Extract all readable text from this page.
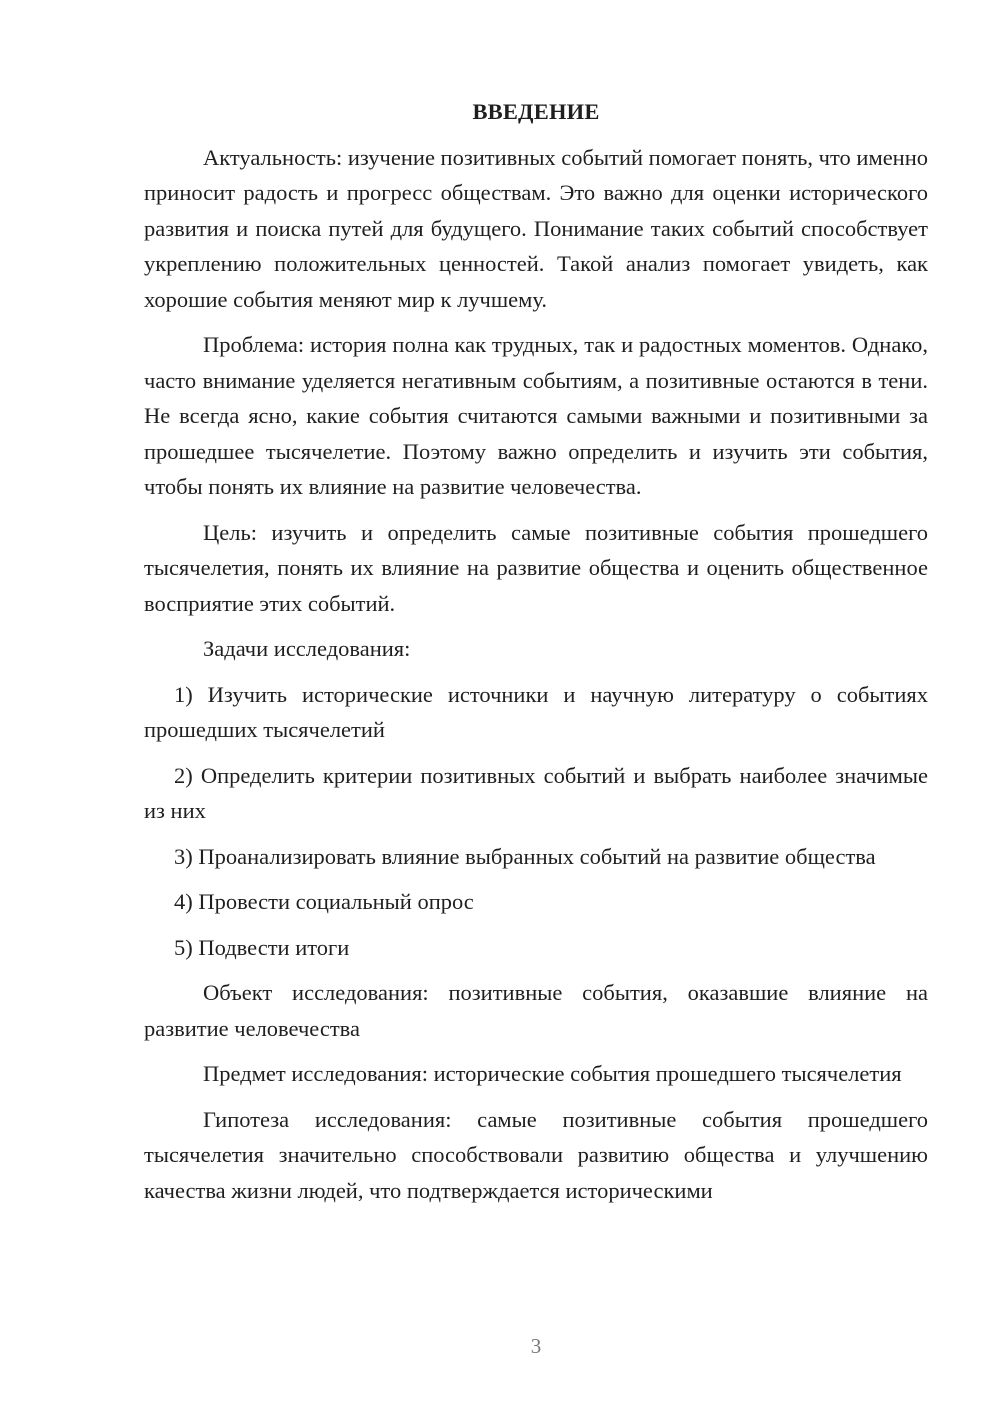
ВВЕДЕНИЕ
Актуальность: изучение позитивных событий помогает понять, что именно приносит радость и прогресс обществам. Это важно для оценки исторического развития и поиска путей для будущего. Понимание таких событий способствует укреплению положительных ценностей. Такой анализ помогает увидеть, как хорошие события меняют мир к лучшему.
Проблема: история полна как трудных, так и радостных моментов. Однако, часто внимание уделяется негативным событиям, а позитивные остаются в тени. Не всегда ясно, какие события считаются самыми важными и позитивными за прошедшее тысячелетие. Поэтому важно определить и изучить эти события, чтобы понять их влияние на развитие человечества.
Цель: изучить и определить самые позитивные события прошедшего тысячелетия, понять их влияние на развитие общества и оценить общественное восприятие этих событий.
Задачи исследования:
1) Изучить исторические источники и научную литературу о событиях прошедших тысячелетий
2) Определить критерии позитивных событий и выбрать наиболее значимые из них
3) Проанализировать влияние выбранных событий на развитие общества
4) Провести социальный опрос
5) Подвести итоги
Объект исследования: позитивные события, оказавшие влияние на развитие человечества
Предмет исследования: исторические события прошедшего тысячелетия
Гипотеза исследования: самые позитивные события прошедшего тысячелетия значительно способствовали развитию общества и улучшению качества жизни людей, что подтверждается историческими
3
